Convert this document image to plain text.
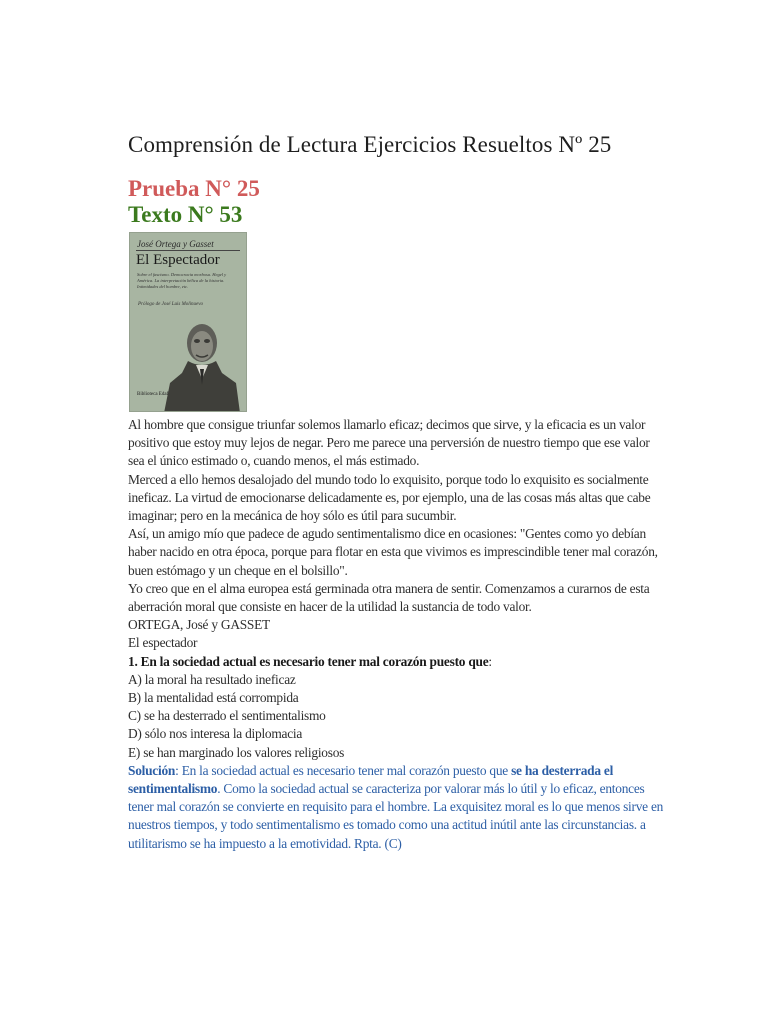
Comprensión de Lectura Ejercicios Resueltos Nº 25
Prueba N° 25
Texto N° 53
José Ortega y Gasset
El Espectador
Sobre el fascismo. Democracia morbosa. Hegel y América. La interpretación bélica de la historia. Intimidades del hombre, etc.
Prólogo de José Luis Molinuevo
Biblioteca Edaf

Al hombre que consigue triunfar solemos llamarlo eficaz; decimos que sirve, y la eficacia es un valor positivo que estoy muy lejos de negar. Pero me parece una perversión de nuestro tiempo que ese valor sea el único estimado o, cuando menos, el más estimado.

Merced a ello hemos desalojado del mundo todo lo exquisito, porque todo lo exquisito es socialmente ineficaz. La virtud de emocionarse delicadamente es, por ejemplo, una de las cosas más altas que cabe imaginar; pero en la mecánica de hoy sólo es útil para sucumbir.

Así, un amigo mío que padece de agudo sentimentalismo dice en ocasiones: "Gentes como yo debían haber nacido en otra época, porque para flotar en esta que vivimos es imprescindible tener mal corazón, buen estómago y un cheque en el bolsillo".

Yo creo que en el alma europea está germinada otra manera de sentir. Comenzamos a curarnos de esta aberración moral que consiste en hacer de la utilidad la sustancia de todo valor.

ORTEGA, José y GASSET

El espectador

1. En la sociedad actual es necesario tener mal corazón puesto que:

A) la moral ha resultado ineficaz

B) la mentalidad está corrompida

C) se ha desterrado el sentimentalismo

D) sólo nos interesa la diplomacia

E) se han marginado los valores religiosos

Solución: En la sociedad actual es necesario tener mal corazón puesto que se ha desterrada el sentimentalismo. Como la sociedad actual se caracteriza por valorar más lo útil y lo eficaz, entonces tener mal corazón se convierte en requisito para el hombre. La exquisitez moral es lo que menos sirve en nuestros tiempos, y todo sentimentalismo es tomado como una actitud inútil ante las circunstancias. a utilitarismo se ha impuesto a la emotividad. Rpta. (C)
